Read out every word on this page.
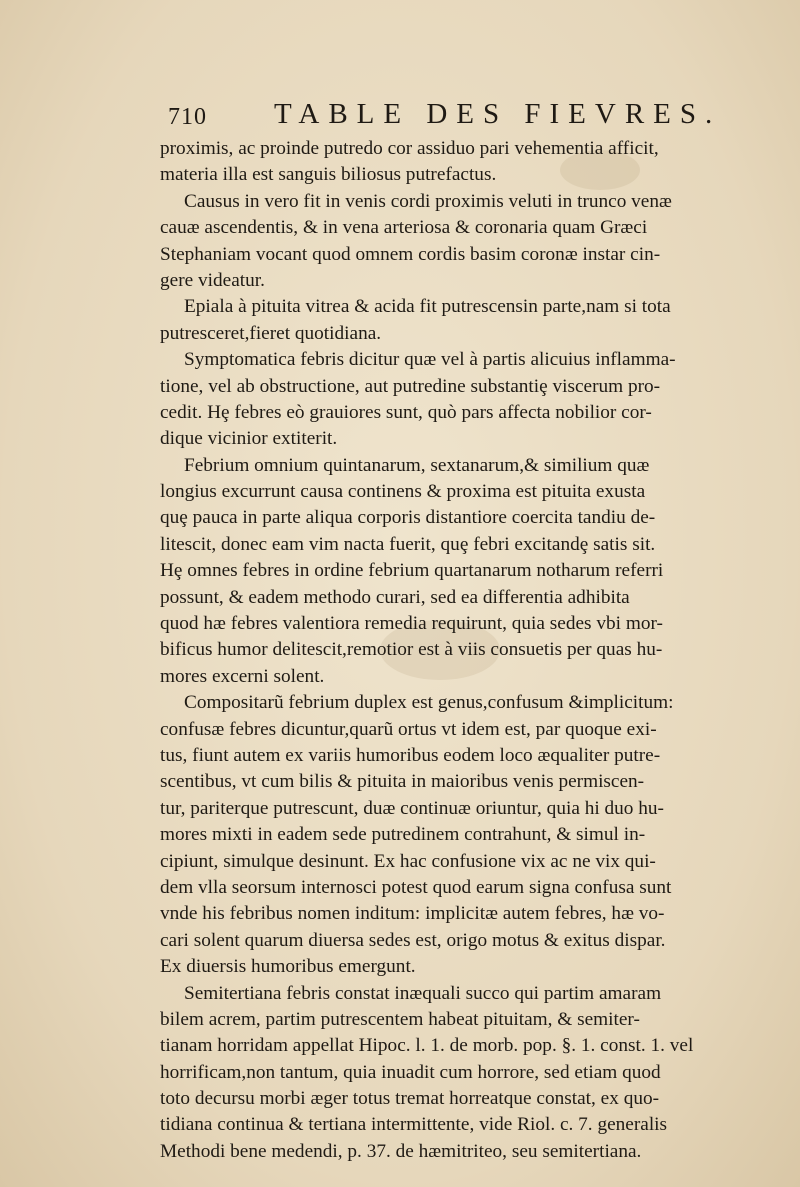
710 TABLE DES FIEVRES.
proximis, ac proinde putredo cor assiduo pari vehementia afficit,
materia illa est sanguis biliosus putrefactus.
Causus in vero fit in venis cordi proximis veluti in trunco venæ
cauæ ascendentis, & in vena arteriosa & coronaria quam Græci
Stephaniam vocant quod omnem cordis basim coronæ instar cin-
gere videatur.
Epiala à pituita vitrea & acida fit putrescensin parte,nam si tota
putresceret,fieret quotidiana.
Symptomatica febris dicitur quæ vel à partis alicuius inflamma-
tione, vel ab obstructione, aut putredine substantiȩ viscerum pro-
cedit. Hȩ febres eò grauiores sunt, quò pars affecta nobilior cor-
dique vicinior extiterit.
Febrium omnium quintanarum, sextanarum,& similium quæ
longius excurrunt causa continens & proxima est pituita exusta
quȩ pauca in parte aliqua corporis distantiore coercita tandiu de-
litescit, donec eam vim nacta fuerit, quȩ febri excitandȩ satis sit.
Hȩ omnes febres in ordine febrium quartanarum notharum referri
possunt, & eadem methodo curari, sed ea differentia adhibita
quod hæ febres valentiora remedia requirunt, quia sedes vbi mor-
bificus humor delitescit,remotior est à viis consuetis per quas hu-
mores excerni solent.
Compositarũ febrium duplex est genus,confusum &implicitum:
confusæ febres dicuntur,quarũ ortus vt idem est, par quoque exi-
tus, fiunt autem ex variis humoribus eodem loco æqualiter putre-
scentibus, vt cum bilis & pituita in maioribus venis permiscen-
tur, pariterque putrescunt, duæ continuæ oriuntur, quia hi duo hu-
mores mixti in eadem sede putredinem contrahunt, & simul in-
cipiunt, simulque desinunt. Ex hac confusione vix ac ne vix qui-
dem vlla seorsum internosci potest quod earum signa confusa sunt
vnde his febribus nomen inditum: implicitæ autem febres, hæ vo-
cari solent quarum diuersa sedes est, origo motus & exitus dispar.
Ex diuersis humoribus emergunt.
Semitertiana febris constat inæquali succo qui partim amaram
bilem acrem, partim putrescentem habeat pituitam, & semiter-
tianam horridam appellat Hipoc. l. 1. de morb. pop. §. 1. const. 1. vel
horrificam,non tantum, quia inuadit cum horrore, sed etiam quod
toto decursu morbi æger totus tremat horreatque constat, ex quo-
tidiana continua & tertiana intermittente, vide Riol. c. 7. generalis
Methodi bene medendi, p. 37. de hæmitriteo, seu semitertiana.
